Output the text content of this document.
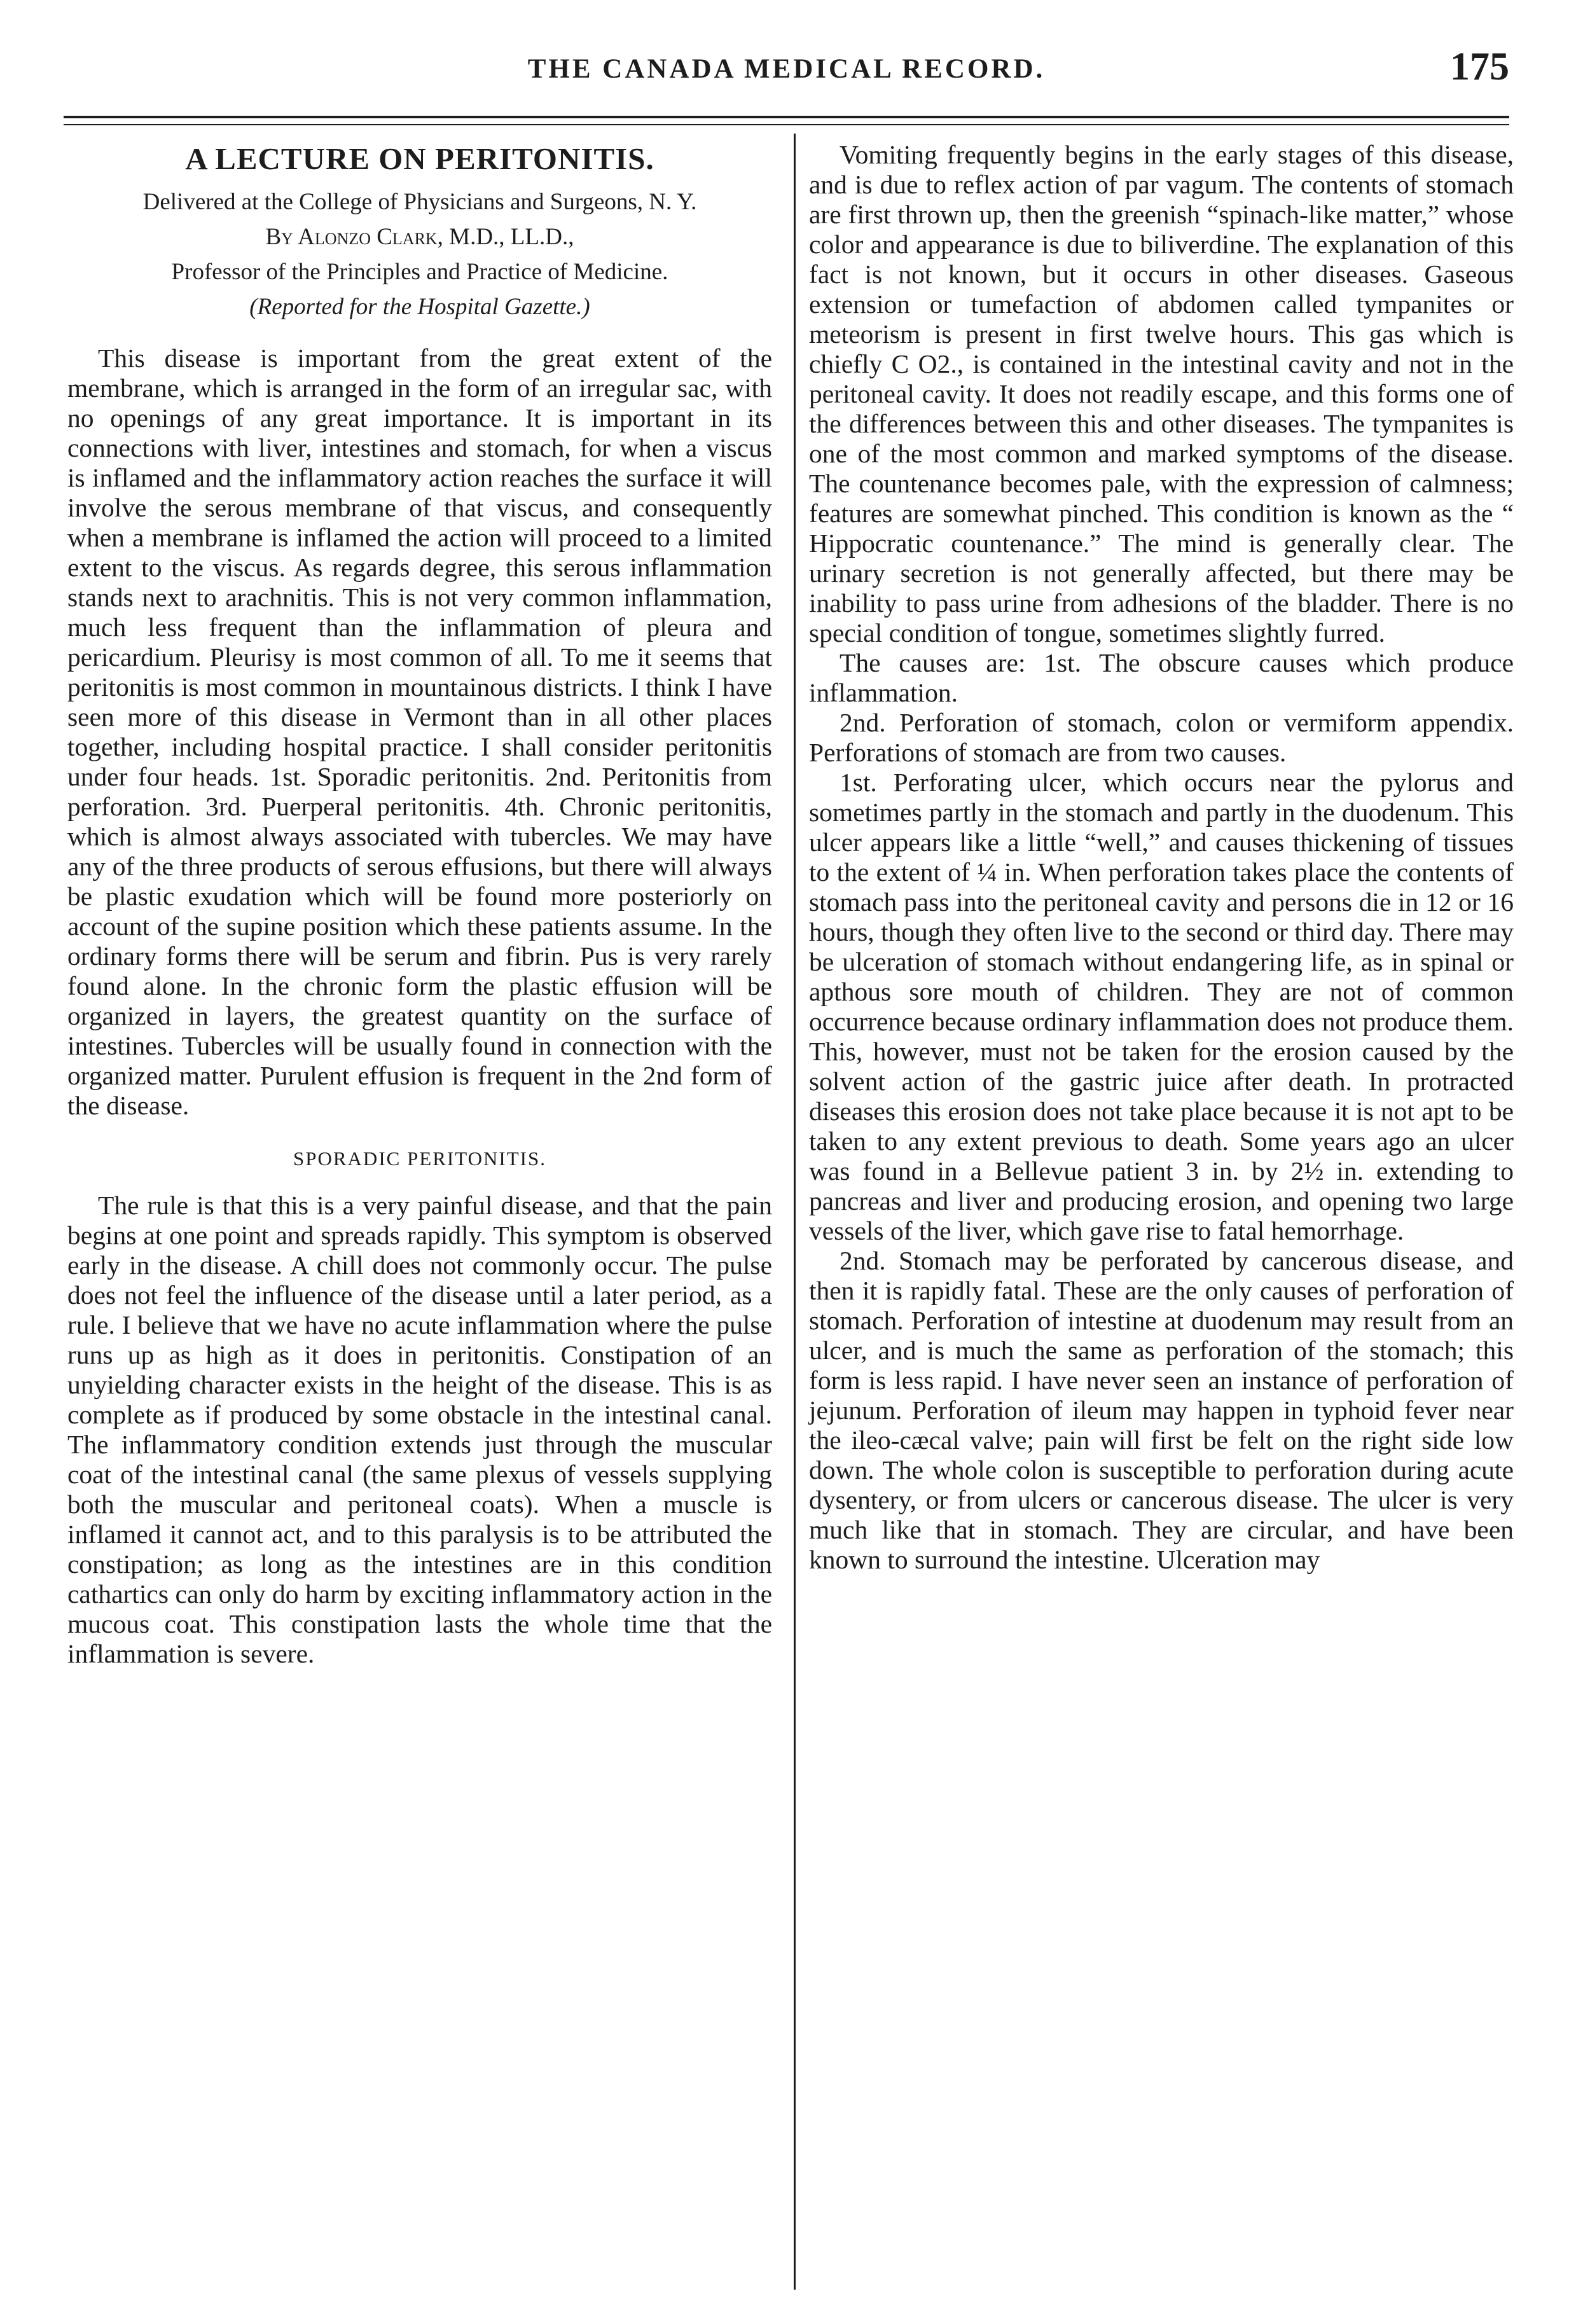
THE CANADA MEDICAL RECORD.	175
A LECTURE ON PERITONITIS.

Delivered at the College of Physicians and Surgeons, N. Y.

By Alonzo Clark, M.D., LL.D.,

Professor of the Principles and Practice of Medicine.

(Reported for the Hospital Gazette.)

This disease is important from the great extent of the membrane, which is arranged in the form of an irregular sac, with no openings of any great importance. It is important in its connections with liver, intestines and stomach, for when a viscus is inflamed and the inflammatory action reaches the surface it will involve the serous membrane of that viscus, and consequently when a membrane is inflamed the action will proceed to a limited extent to the viscus. As regards degree, this serous inflammation stands next to arachnitis. This is not very common inflammation, much less frequent than the inflammation of pleura and pericardium. Pleurisy is most common of all. To me it seems that peritonitis is most common in mountainous districts. I think I have seen more of this disease in Vermont than in all other places together, including hospital practice. I shall consider peritonitis under four heads. 1st. Sporadic peritonitis. 2nd. Peritonitis from perforation. 3rd. Puerperal peritonitis. 4th. Chronic peritonitis, which is almost always associated with tubercles. We may have any of the three products of serous effusions, but there will always be plastic exudation which will be found more posteriorly on account of the supine position which these patients assume. In the ordinary forms there will be serum and fibrin. Pus is very rarely found alone. In the chronic form the plastic effusion will be organized in layers, the greatest quantity on the surface of intestines. Tubercles will be usually found in connection with the organized matter. Purulent effusion is frequent in the 2nd form of the disease.

SPORADIC PERITONITIS.

The rule is that this is a very painful disease, and that the pain begins at one point and spreads rapidly. This symptom is observed early in the disease. A chill does not commonly occur. The pulse does not feel the influence of the disease until a later period, as a rule. I believe that we have no acute inflammation where the pulse runs up as high as it does in peritonitis. Constipation of an unyielding character exists in the height of the disease. This is as complete as if produced by some obstacle in the intestinal canal. The inflammatory condition extends just through the muscular coat of the intestinal canal (the same plexus of vessels supplying both the muscular and peritoneal coats). When a muscle is inflamed it cannot act, and to this paralysis is to be attributed the constipation; as long as the intestines are in this condition cathartics can only do harm by exciting inflammatory action in the mucous coat. This constipation lasts the whole time that the inflammation is severe.

Vomiting frequently begins in the early stages of this disease, and is due to reflex action of par vagum. The contents of stomach are first thrown up, then the greenish “spinach-like matter,” whose color and appearance is due to biliverdine. The explanation of this fact is not known, but it occurs in other diseases. Gaseous extension or tumefaction of abdomen called tympanites or meteorism is present in first twelve hours. This gas which is chiefly C O2., is contained in the intestinal cavity and not in the peritoneal cavity. It does not readily escape, and this forms one of the differences between this and other diseases. The tympanites is one of the most common and marked symptoms of the disease. The countenance becomes pale, with the expression of calmness; features are somewhat pinched. This condition is known as the “ Hippocratic countenance.” The mind is generally clear. The urinary secretion is not generally affected, but there may be inability to pass urine from adhesions of the bladder. There is no special condition of tongue, sometimes slightly furred.

The causes are: 1st. The obscure causes which produce inflammation.

2nd. Perforation of stomach, colon or vermiform appendix. Perforations of stomach are from two causes.

1st. Perforating ulcer, which occurs near the pylorus and sometimes partly in the stomach and partly in the duodenum. This ulcer appears like a little “well,” and causes thickening of tissues to the extent of ¼ in. When perforation takes place the contents of stomach pass into the peritoneal cavity and persons die in 12 or 16 hours, though they often live to the second or third day. There may be ulceration of stomach without endangering life, as in spinal or apthous sore mouth of children. They are not of common occurrence because ordinary inflammation does not produce them. This, however, must not be taken for the erosion caused by the solvent action of the gastric juice after death. In protracted diseases this erosion does not take place because it is not apt to be taken to any extent previous to death. Some years ago an ulcer was found in a Bellevue patient 3 in. by 2½ in. extending to pancreas and liver and producing erosion, and opening two large vessels of the liver, which gave rise to fatal hemorrhage.

2nd. Stomach may be perforated by cancerous disease, and then it is rapidly fatal. These are the only causes of perforation of stomach. Perforation of intestine at duodenum may result from an ulcer, and is much the same as perforation of the stomach; this form is less rapid. I have never seen an instance of perforation of jejunum. Perforation of ileum may happen in typhoid fever near the ileo-cæcal valve; pain will first be felt on the right side low down. The whole colon is susceptible to perforation during acute dysentery, or from ulcers or cancerous disease. The ulcer is very much like that in stomach. They are circular, and have been known to surround the intestine. Ulceration may
